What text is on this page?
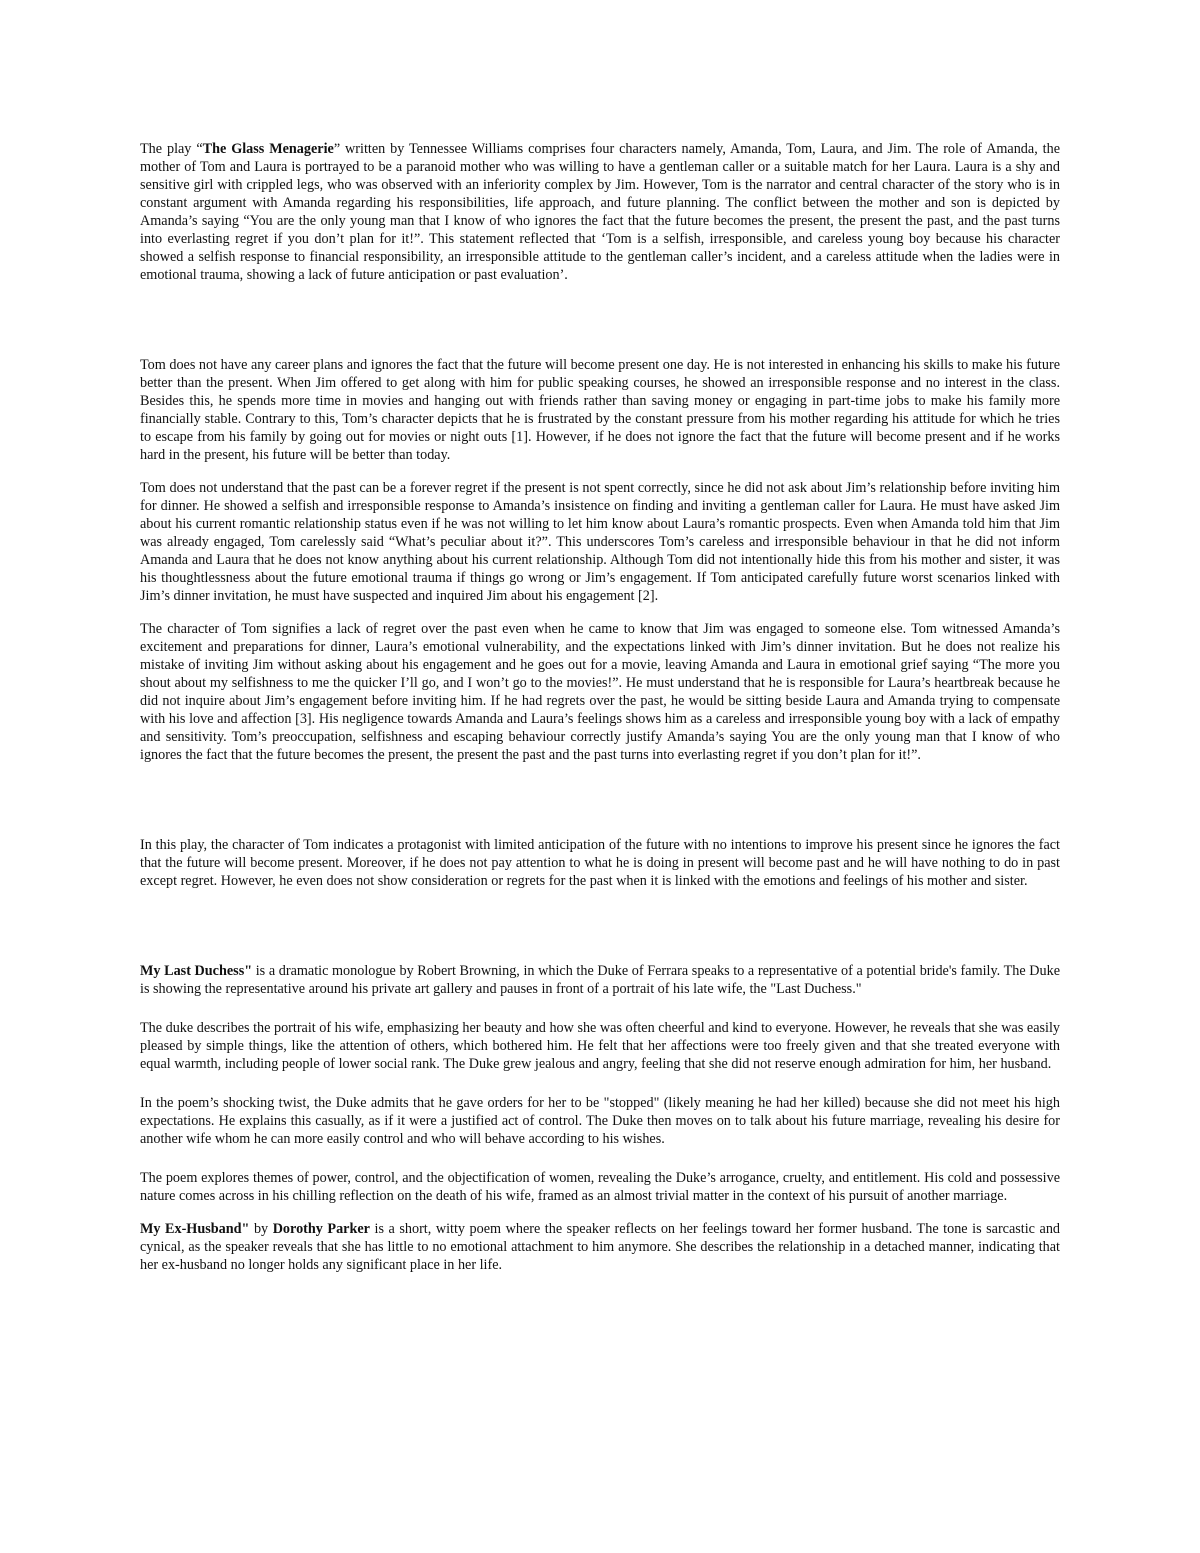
The play “The Glass Menagerie” written by Tennessee Williams comprises four characters namely, Amanda, Tom, Laura, and Jim. The role of Amanda, the mother of Tom and Laura is portrayed to be a paranoid mother who was willing to have a gentleman caller or a suitable match for her Laura. Laura is a shy and sensitive girl with crippled legs, who was observed with an inferiority complex by Jim. However, Tom is the narrator and central character of the story who is in constant argument with Amanda regarding his responsibilities, life approach, and future planning. The conflict between the mother and son is depicted by Amanda’s saying “You are the only young man that I know of who ignores the fact that the future becomes the present, the present the past, and the past turns into everlasting regret if you don’t plan for it!”. This statement reflected that ‘Tom is a selfish, irresponsible, and careless young boy because his character showed a selfish response to financial responsibility, an irresponsible attitude to the gentleman caller’s incident, and a careless attitude when the ladies were in emotional trauma, showing a lack of future anticipation or past evaluation’.

Tom does not have any career plans and ignores the fact that the future will become present one day. He is not interested in enhancing his skills to make his future better than the present. When Jim offered to get along with him for public speaking courses, he showed an irresponsible response and no interest in the class. Besides this, he spends more time in movies and hanging out with friends rather than saving money or engaging in part-time jobs to make his family more financially stable. Contrary to this, Tom’s character depicts that he is frustrated by the constant pressure from his mother regarding his attitude for which he tries to escape from his family by going out for movies or night outs [1]. However, if he does not ignore the fact that the future will become present and if he works hard in the present, his future will be better than today.

Tom does not understand that the past can be a forever regret if the present is not spent correctly, since he did not ask about Jim’s relationship before inviting him for dinner. He showed a selfish and irresponsible response to Amanda’s insistence on finding and inviting a gentleman caller for Laura. He must have asked Jim about his current romantic relationship status even if he was not willing to let him know about Laura’s romantic prospects. Even when Amanda told him that Jim was already engaged, Tom carelessly said “What’s peculiar about it?”. This underscores Tom’s careless and irresponsible behaviour in that he did not inform Amanda and Laura that he does not know anything about his current relationship. Although Tom did not intentionally hide this from his mother and sister, it was his thoughtlessness about the future emotional trauma if things go wrong or Jim’s engagement. If Tom anticipated carefully future worst scenarios linked with Jim’s dinner invitation, he must have suspected and inquired Jim about his engagement [2].

The character of Tom signifies a lack of regret over the past even when he came to know that Jim was engaged to someone else. Tom witnessed Amanda’s excitement and preparations for dinner, Laura’s emotional vulnerability, and the expectations linked with Jim’s dinner invitation. But he does not realize his mistake of inviting Jim without asking about his engagement and he goes out for a movie, leaving Amanda and Laura in emotional grief saying “The more you shout about my selfishness to me the quicker I’ll go, and I won’t go to the movies!”. He must understand that he is responsible for Laura’s heartbreak because he did not inquire about Jim’s engagement before inviting him. If he had regrets over the past, he would be sitting beside Laura and Amanda trying to compensate with his love and affection [3]. His negligence towards Amanda and Laura’s feelings shows him as a careless and irresponsible young boy with a lack of empathy and sensitivity. Tom’s preoccupation, selfishness and escaping behaviour correctly justify Amanda’s saying You are the only young man that I know of who ignores the fact that the future becomes the present, the present the past and the past turns into everlasting regret if you don’t plan for it!”.

In this play, the character of Tom indicates a protagonist with limited anticipation of the future with no intentions to improve his present since he ignores the fact that the future will become present. Moreover, if he does not pay attention to what he is doing in present will become past and he will have nothing to do in past except regret. However, he even does not show consideration or regrets for the past when it is linked with the emotions and feelings of his mother and sister.

My Last Duchess" is a dramatic monologue by Robert Browning, in which the Duke of Ferrara speaks to a representative of a potential bride's family. The Duke is showing the representative around his private art gallery and pauses in front of a portrait of his late wife, the "Last Duchess."

The duke describes the portrait of his wife, emphasizing her beauty and how she was often cheerful and kind to everyone. However, he reveals that she was easily pleased by simple things, like the attention of others, which bothered him. He felt that her affections were too freely given and that she treated everyone with equal warmth, including people of lower social rank. The Duke grew jealous and angry, feeling that she did not reserve enough admiration for him, her husband.

In the poem’s shocking twist, the Duke admits that he gave orders for her to be "stopped" (likely meaning he had her killed) because she did not meet his high expectations. He explains this casually, as if it were a justified act of control. The Duke then moves on to talk about his future marriage, revealing his desire for another wife whom he can more easily control and who will behave according to his wishes.

The poem explores themes of power, control, and the objectification of women, revealing the Duke’s arrogance, cruelty, and entitlement. His cold and possessive nature comes across in his chilling reflection on the death of his wife, framed as an almost trivial matter in the context of his pursuit of another marriage.

My Ex-Husband" by Dorothy Parker is a short, witty poem where the speaker reflects on her feelings toward her former husband. The tone is sarcastic and cynical, as the speaker reveals that she has little to no emotional attachment to him anymore. She describes the relationship in a detached manner, indicating that her ex-husband no longer holds any significant place in her life.
